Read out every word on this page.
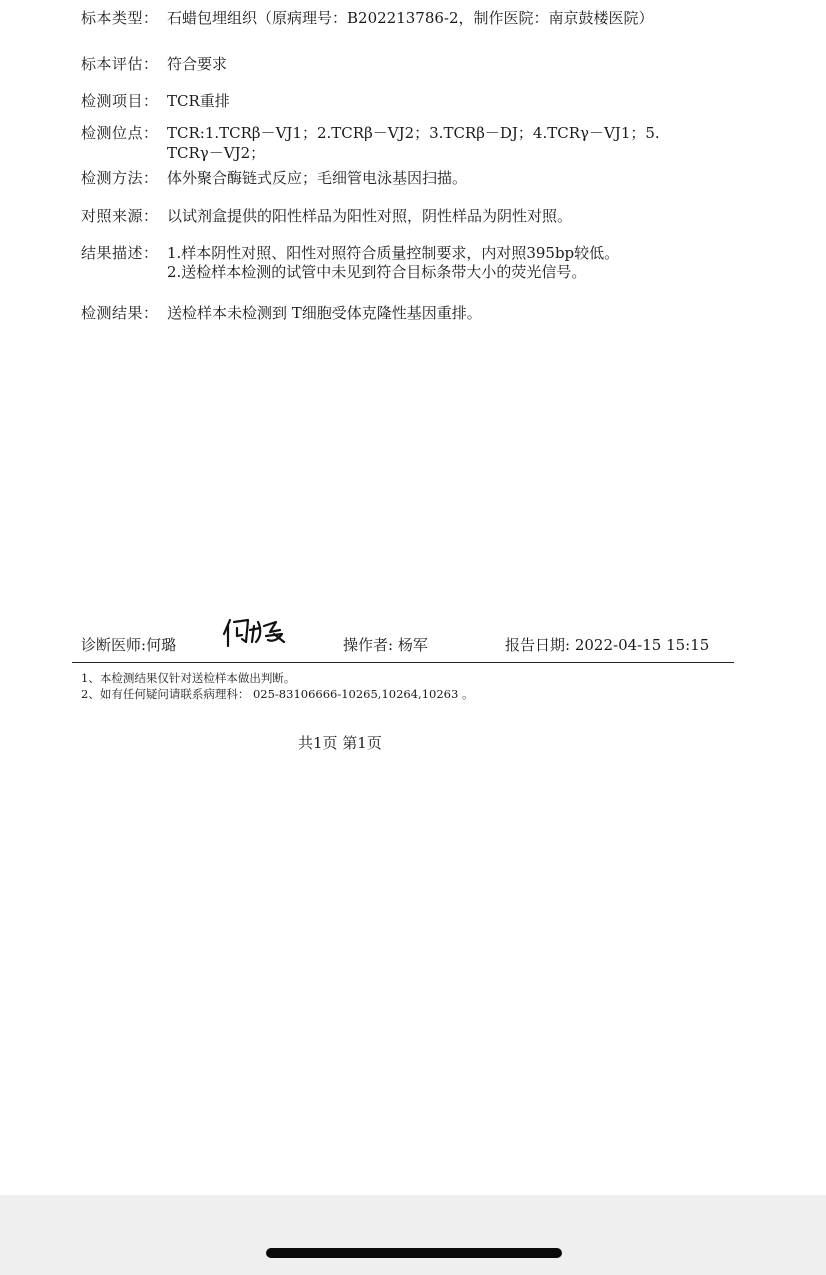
标本类型： 石蜡包埋组织（原病理号：B202213786-2，制作医院：南京鼓楼医院）
标本评估： 符合要求
检测项目： TCR重排
检测位点： TCR:1.TCRβ－VJ1；2.TCRβ－VJ2；3.TCRβ－DJ；4.TCRγ－VJ1；5.
TCRγ－VJ2；
检测方法： 体外聚合酶链式反应；毛细管电泳基因扫描。
对照来源： 以试剂盒提供的阳性样品为阳性对照，阴性样品为阴性对照。
结果描述： 1.样本阴性对照、阳性对照符合质量控制要求，内对照395bp较低。
2.送检样本检测的试管中未见到符合目标条带大小的荧光信号。
检测结果： 送检样本未检测到 T细胞受体克隆性基因重排。
诊断医师:何璐	操作者: 杨军	报告日期: 2022-04-15 15:15
1、本检测结果仅针对送检样本做出判断。
2、如有任何疑问请联系病理科： 025-83106666-10265,10264,10263 。
共1页 第1页
